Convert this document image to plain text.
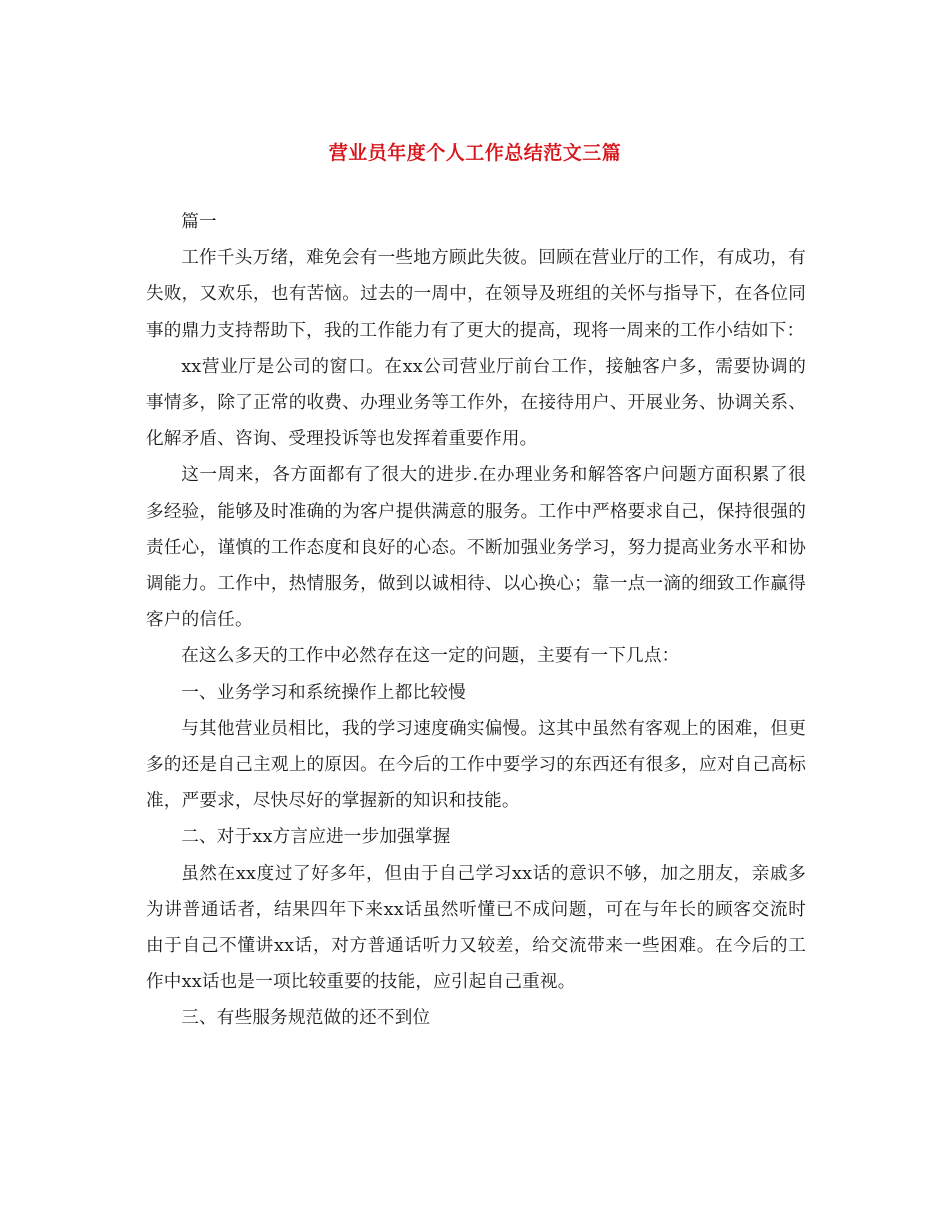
营业员年度个人工作总结范文三篇

篇一

工作千头万绪，难免会有一些地方顾此失彼。回顾在营业厅的工作，有成功，有失败，又欢乐，也有苦恼。过去的一周中，在领导及班组的关怀与指导下，在各位同事的鼎力支持帮助下，我的工作能力有了更大的提高，现将一周来的工作小结如下：

xx营业厅是公司的窗口。在xx公司营业厅前台工作，接触客户多，需要协调的事情多，除了正常的收费、办理业务等工作外，在接待用户、开展业务、协调关系、化解矛盾、咨询、受理投诉等也发挥着重要作用。

这一周来，各方面都有了很大的进步.在办理业务和解答客户问题方面积累了很多经验，能够及时准确的为客户提供满意的服务。工作中严格要求自己，保持很强的责任心，谨慎的工作态度和良好的心态。不断加强业务学习，努力提高业务水平和协调能力。工作中，热情服务，做到以诚相待、以心换心；靠一点一滴的细致工作赢得客户的信任。

在这么多天的工作中必然存在这一定的问题，主要有一下几点：

一、业务学习和系统操作上都比较慢

与其他营业员相比，我的学习速度确实偏慢。这其中虽然有客观上的困难，但更多的还是自己主观上的原因。在今后的工作中要学习的东西还有很多，应对自己高标准，严要求，尽快尽好的掌握新的知识和技能。

二、对于xx方言应进一步加强掌握

虽然在xx度过了好多年，但由于自己学习xx话的意识不够，加之朋友，亲戚多为讲普通话者，结果四年下来xx话虽然听懂已不成问题，可在与年长的顾客交流时由于自己不懂讲xx话，对方普通话听力又较差，给交流带来一些困难。在今后的工作中xx话也是一项比较重要的技能，应引起自己重视。

三、有些服务规范做的还不到位
